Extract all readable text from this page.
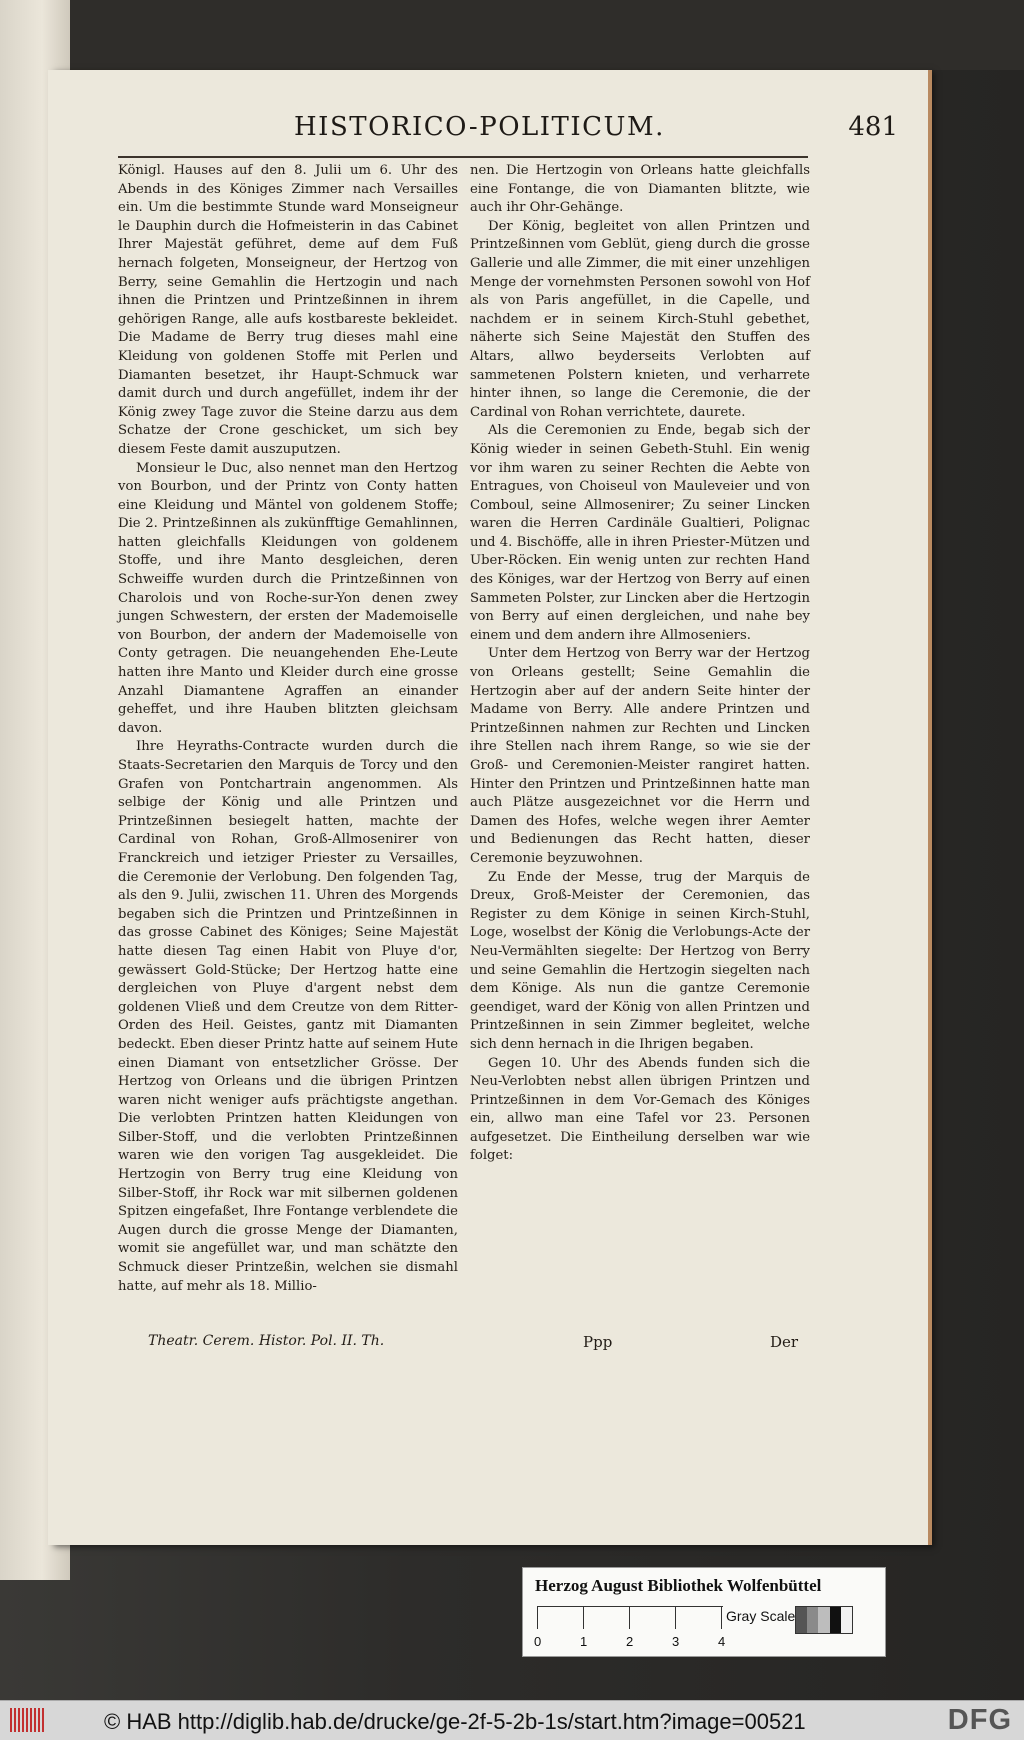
HISTORICO-POLITICUM.	481

Königl. Hauses auf den 8. Julii um 6. Uhr des Abends in des Königes Zimmer nach Versailles ein. Um die bestimmte Stunde ward Monseigneur le Dauphin durch die Hofmeisterin in das Cabinet Ihrer Majestät geführet, deme auf dem Fuß hernach folgeten, Monseigneur, der Hertzog von Berry, seine Gemahlin die Hertzogin und nach ihnen die Printzen und Printzeßinnen in ihrem gehörigen Range, alle aufs kostbareste bekleidet. Die Madame de Berry trug dieses mahl eine Kleidung von goldenen Stoffe mit Perlen und Diamanten besetzet, ihr Haupt-Schmuck war damit durch und durch angefüllet, indem ihr der König zwey Tage zuvor die Steine darzu aus dem Schatze der Crone geschicket, um sich bey diesem Feste damit auszuputzen.

Monsieur le Duc, also nennet man den Hertzog von Bourbon, und der Printz von Conty hatten eine Kleidung und Mäntel von goldenem Stoffe; Die 2. Printzeßinnen als zukünfftige Gemahlinnen, hatten gleichfalls Kleidungen von goldenem Stoffe, und ihre Manto desgleichen, deren Schweiffe wurden durch die Printzeßinnen von Charolois und von Roche-sur-Yon denen zwey jungen Schwestern, der ersten der Mademoiselle von Bourbon, der andern der Mademoiselle von Conty getragen. Die neuangehenden Ehe-Leute hatten ihre Manto und Kleider durch eine grosse Anzahl Diamantene Agraffen an einander geheffet, und ihre Hauben blitzten gleichsam davon.

Ihre Heyraths-Contracte wurden durch die Staats-Secretarien den Marquis de Torcy und den Grafen von Pontchartrain angenommen. Als selbige der König und alle Printzen und Printzeßinnen besiegelt hatten, machte der Cardinal von Rohan, Groß-Allmosenirer von Franckreich und ietziger Priester zu Versailles, die Ceremonie der Verlobung. Den folgenden Tag, als den 9. Julii, zwischen 11. Uhren des Morgends begaben sich die Printzen und Printzeßinnen in das grosse Cabinet des Königes; Seine Majestät hatte diesen Tag einen Habit von Pluye d'or, gewässert Gold-Stücke; Der Hertzog hatte eine dergleichen von Pluye d'argent nebst dem goldenen Vließ und dem Creutze von dem Ritter-Orden des Heil. Geistes, gantz mit Diamanten bedeckt. Eben dieser Printz hatte auf seinem Hute einen Diamant von entsetzlicher Grösse. Der Hertzog von Orleans und die übrigen Printzen waren nicht weniger aufs prächtigste angethan. Die verlobten Printzen hatten Kleidungen von Silber-Stoff, und die verlobten Printzeßinnen waren wie den vorigen Tag ausgekleidet. Die Hertzogin von Berry trug eine Kleidung von Silber-Stoff, ihr Rock war mit silbernen goldenen Spitzen eingefaßet, Ihre Fontange verblendete die Augen durch die grosse Menge der Diamanten, womit sie angefüllet war, und man schätzte den Schmuck dieser Printzeßin, welchen sie dismahl hatte, auf mehr als 18. Millio-

nen. Die Hertzogin von Orleans hatte gleichfalls eine Fontange, die von Diamanten blitzte, wie auch ihr Ohr-Gehänge.

Der König, begleitet von allen Printzen und Printzeßinnen vom Geblüt, gieng durch die grosse Gallerie und alle Zimmer, die mit einer unzehligen Menge der vornehmsten Personen sowohl von Hof als von Paris angefüllet, in die Capelle, und nachdem er in seinem Kirch-Stuhl gebethet, näherte sich Seine Majestät den Stuffen des Altars, allwo beyderseits Verlobten auf sammetenen Polstern knieten, und verharrete hinter ihnen, so lange die Ceremonie, die der Cardinal von Rohan verrichtete, daurete.

Als die Ceremonien zu Ende, begab sich der König wieder in seinen Gebeth-Stuhl. Ein wenig vor ihm waren zu seiner Rechten die Aebte von Entragues, von Choiseul von Mauleveier und von Comboul, seine Allmosenirer; Zu seiner Lincken waren die Herren Cardinäle Gualtieri, Polignac und 4. Bischöffe, alle in ihren Priester-Mützen und Uber-Röcken. Ein wenig unten zur rechten Hand des Königes, war der Hertzog von Berry auf einen Sammeten Polster, zur Lincken aber die Hertzogin von Berry auf einen dergleichen, und nahe bey einem und dem andern ihre Allmoseniers.

Unter dem Hertzog von Berry war der Hertzog von Orleans gestellt; Seine Gemahlin die Hertzogin aber auf der andern Seite hinter der Madame von Berry. Alle andere Printzen und Printzeßinnen nahmen zur Rechten und Lincken ihre Stellen nach ihrem Range, so wie sie der Groß- und Ceremonien-Meister rangiret hatten. Hinter den Printzen und Printzeßinnen hatte man auch Plätze ausgezeichnet vor die Herrn und Damen des Hofes, welche wegen ihrer Aemter und Bedienungen das Recht hatten, dieser Ceremonie beyzuwohnen.

Zu Ende der Messe, trug der Marquis de Dreux, Groß-Meister der Ceremonien, das Register zu dem Könige in seinen Kirch-Stuhl, Loge, woselbst der König die Verlobungs-Acte der Neu-Vermählten siegelte: Der Hertzog von Berry und seine Gemahlin die Hertzogin siegelten nach dem Könige. Als nun die gantze Ceremonie geendiget, ward der König von allen Printzen und Printzeßinnen in sein Zimmer begleitet, welche sich denn hernach in die Ihrigen begaben.

Gegen 10. Uhr des Abends funden sich die Neu-Verlobten nebst allen übrigen Printzen und Printzeßinnen in dem Vor-Gemach des Königes ein, allwo man eine Tafel vor 23. Personen aufgesetzet. Die Eintheilung derselben war wie folget:

Theatr. Cerem. Histor. Pol. II. Th.	Ppp	Der
Herzog August Bibliothek Wolfenbüttel
0	1	2	3	4
Gray Scale
© HAB http://diglib.hab.de/drucke/ge-2f-5-2b-1s/start.htm?image=00521	DFG
